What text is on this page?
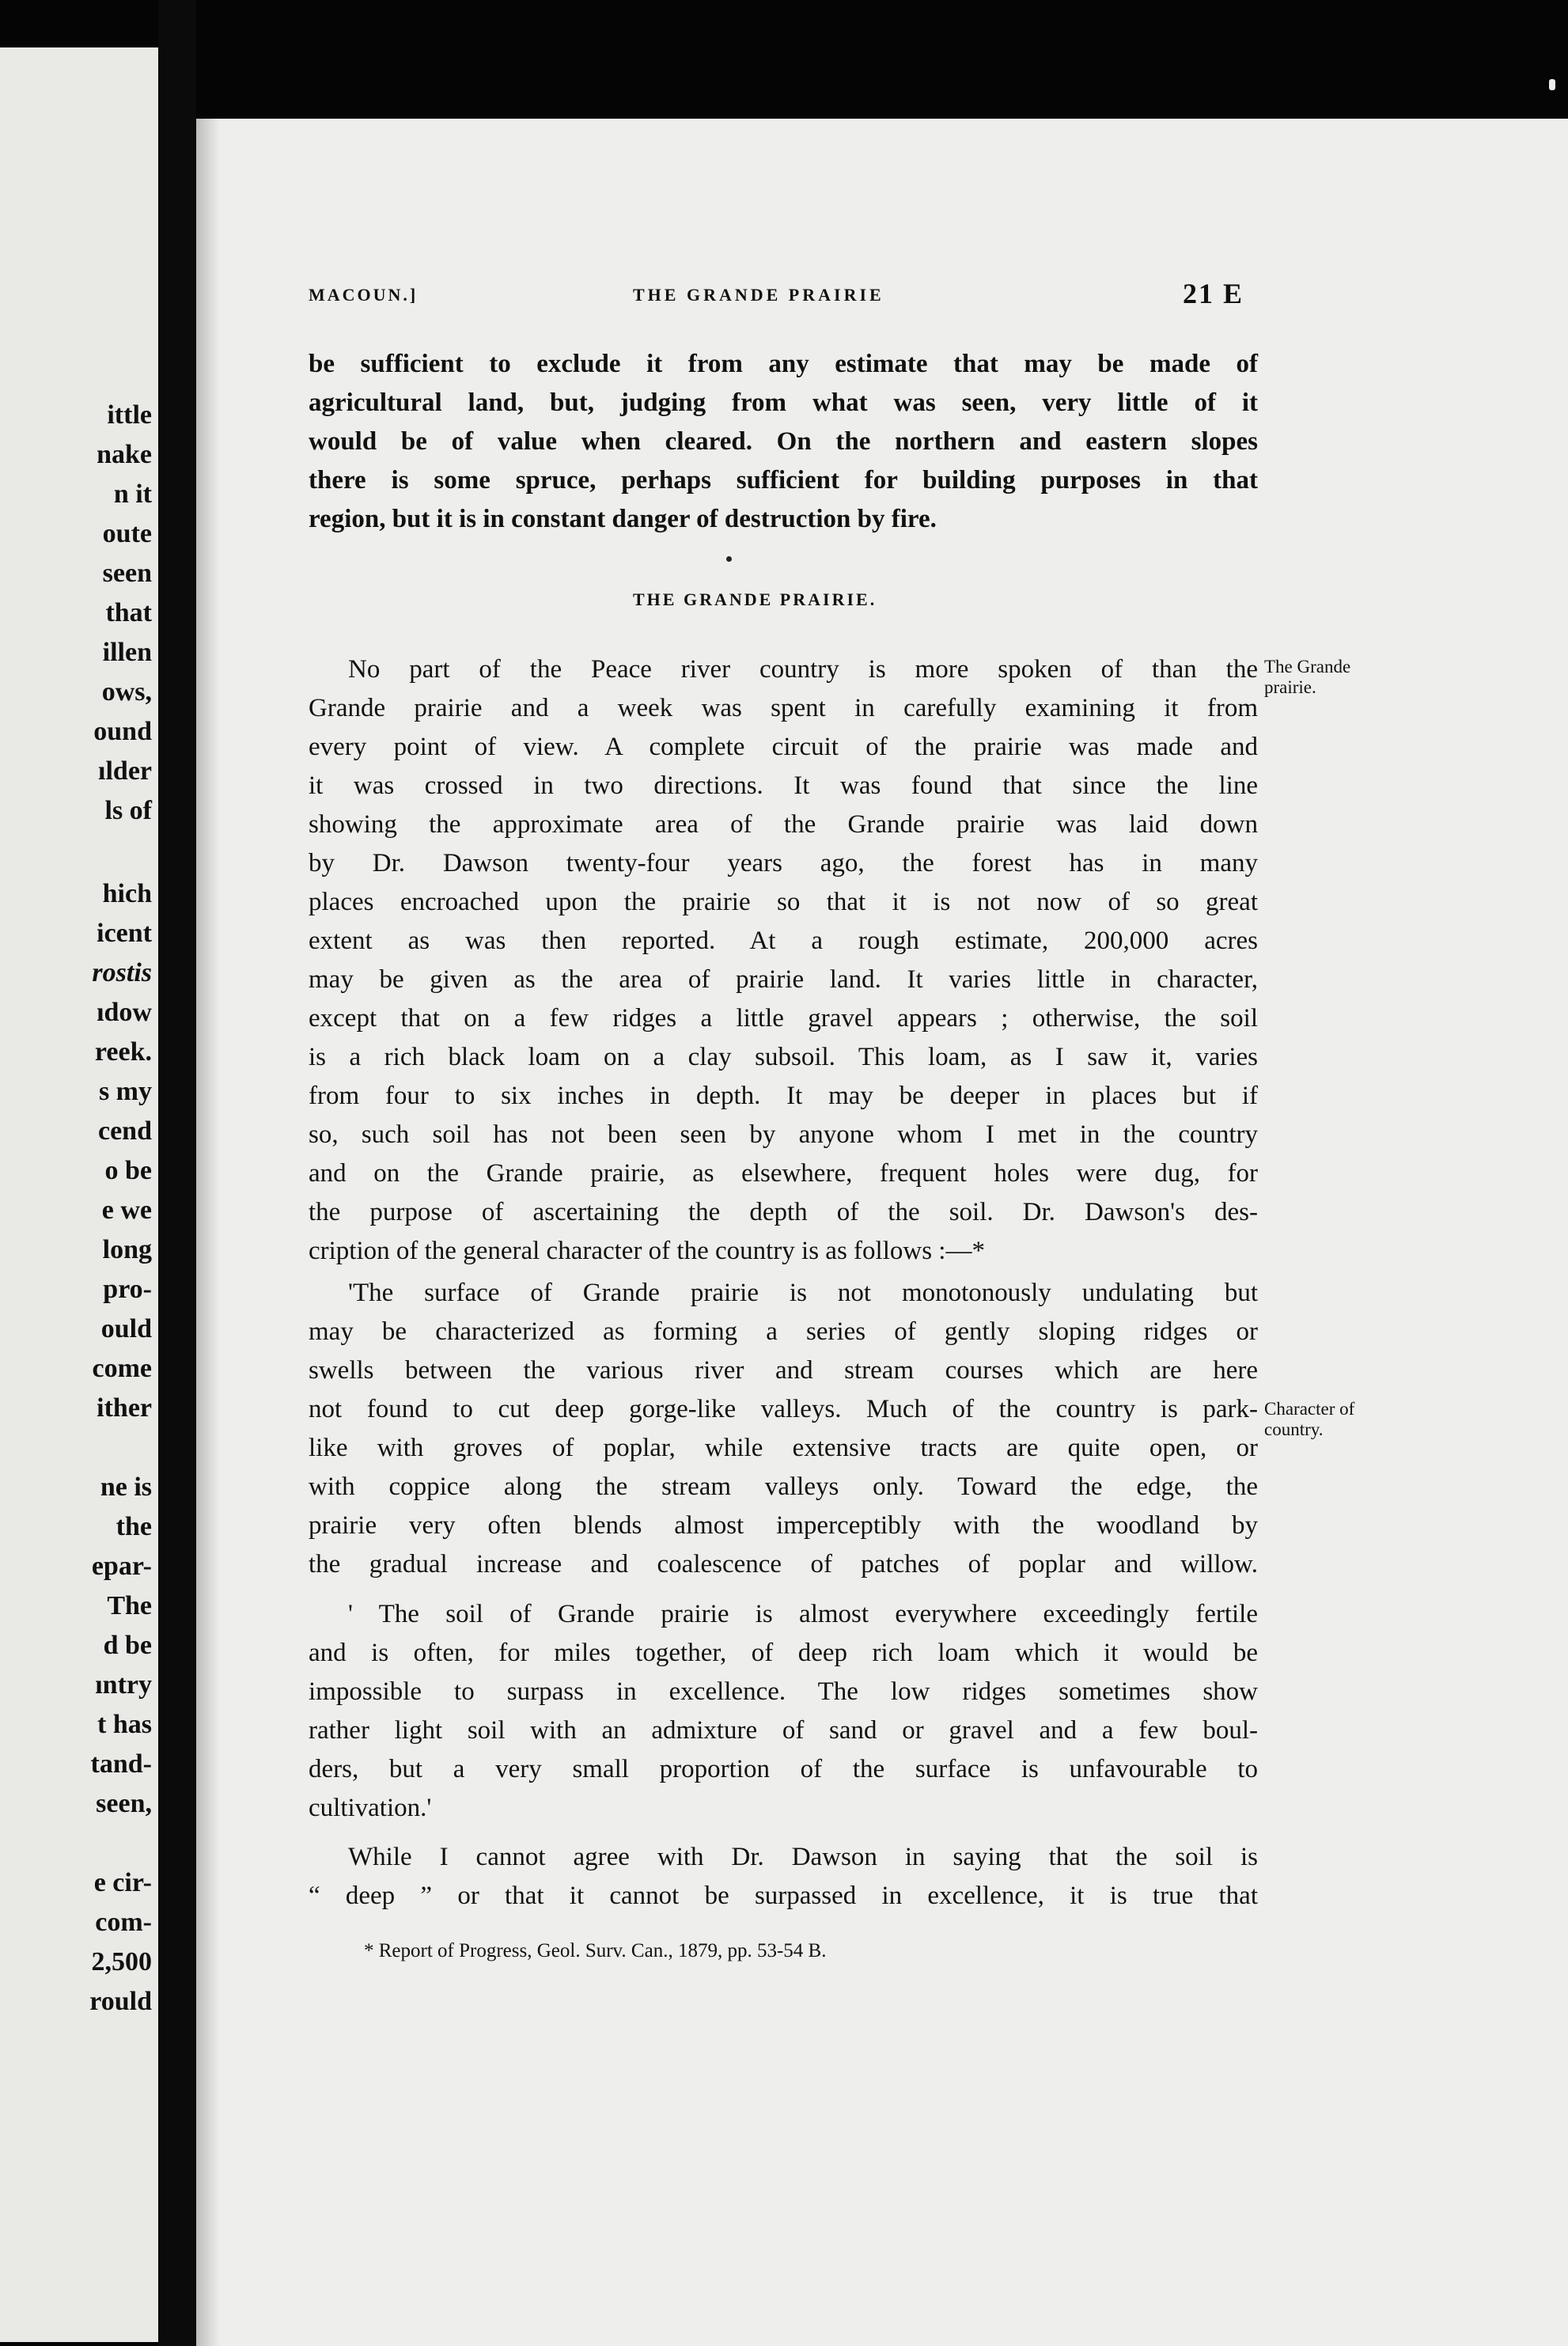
ittle
nake
n it
oute
seen
that
illen
ows,
ound
ılder
ls of
hich
icent
rostis
ıdow
reek.
s my
cend
o be
e we
long
pro-
ould
come
ither
ne is
the
epar-
The
d be
ıntry
t has
tand-
seen,
e cir-
com-
2,500
rould
MACOUN.]	THE GRANDE PRAIRIE	21 E
be sufficient to exclude it from any estimate that may be made of
agricultural land, but, judging from what was seen, very little of it
would be of value when cleared. On the northern and eastern slopes
there is some spruce, perhaps sufficient for building purposes in that
region, but it is in constant danger of destruction by fire.
THE GRANDE PRAIRIE.
No part of the Peace river country is more spoken of than the
Grande prairie and a week was spent in carefully examining it from
every point of view. A complete circuit of the prairie was made and
it was crossed in two directions. It was found that since the line
showing the approximate area of the Grande prairie was laid down
by Dr. Dawson twenty-four years ago, the forest has in many
places encroached upon the prairie so that it is not now of so great
extent as was then reported. At a rough estimate, 200,000 acres
may be given as the area of prairie land. It varies little in character,
except that on a few ridges a little gravel appears ; otherwise, the soil
is a rich black loam on a clay subsoil. This loam, as I saw it, varies
from four to six inches in depth. It may be deeper in places but if
so, such soil has not been seen by anyone whom I met in the country
and on the Grande prairie, as elsewhere, frequent holes were dug, for
the purpose of ascertaining the depth of the soil. Dr. Dawson's des-
cription of the general character of the country is as follows :—*
'The surface of Grande prairie is not monotonously undulating but
may be characterized as forming a series of gently sloping ridges or
swells between the various river and stream courses which are here
not found to cut deep gorge-like valleys. Much of the country is park-
like with groves of poplar, while extensive tracts are quite open, or
with coppice along the stream valleys only. Toward the edge, the
prairie very often blends almost imperceptibly with the woodland by
the gradual increase and coalescence of patches of poplar and willow.
' The soil of Grande prairie is almost everywhere exceedingly fertile
and is often, for miles together, of deep rich loam which it would be
impossible to surpass in excellence. The low ridges sometimes show
rather light soil with an admixture of sand or gravel and a few boul-
ders, but a very small proportion of the surface is unfavourable to
cultivation.'
While I cannot agree with Dr. Dawson in saying that the soil is
“ deep ” or that it cannot be surpassed in excellence, it is true that
The Grande
prairie.
Character of
country.
* Report of Progress, Geol. Surv. Can., 1879, pp. 53-54 B.
